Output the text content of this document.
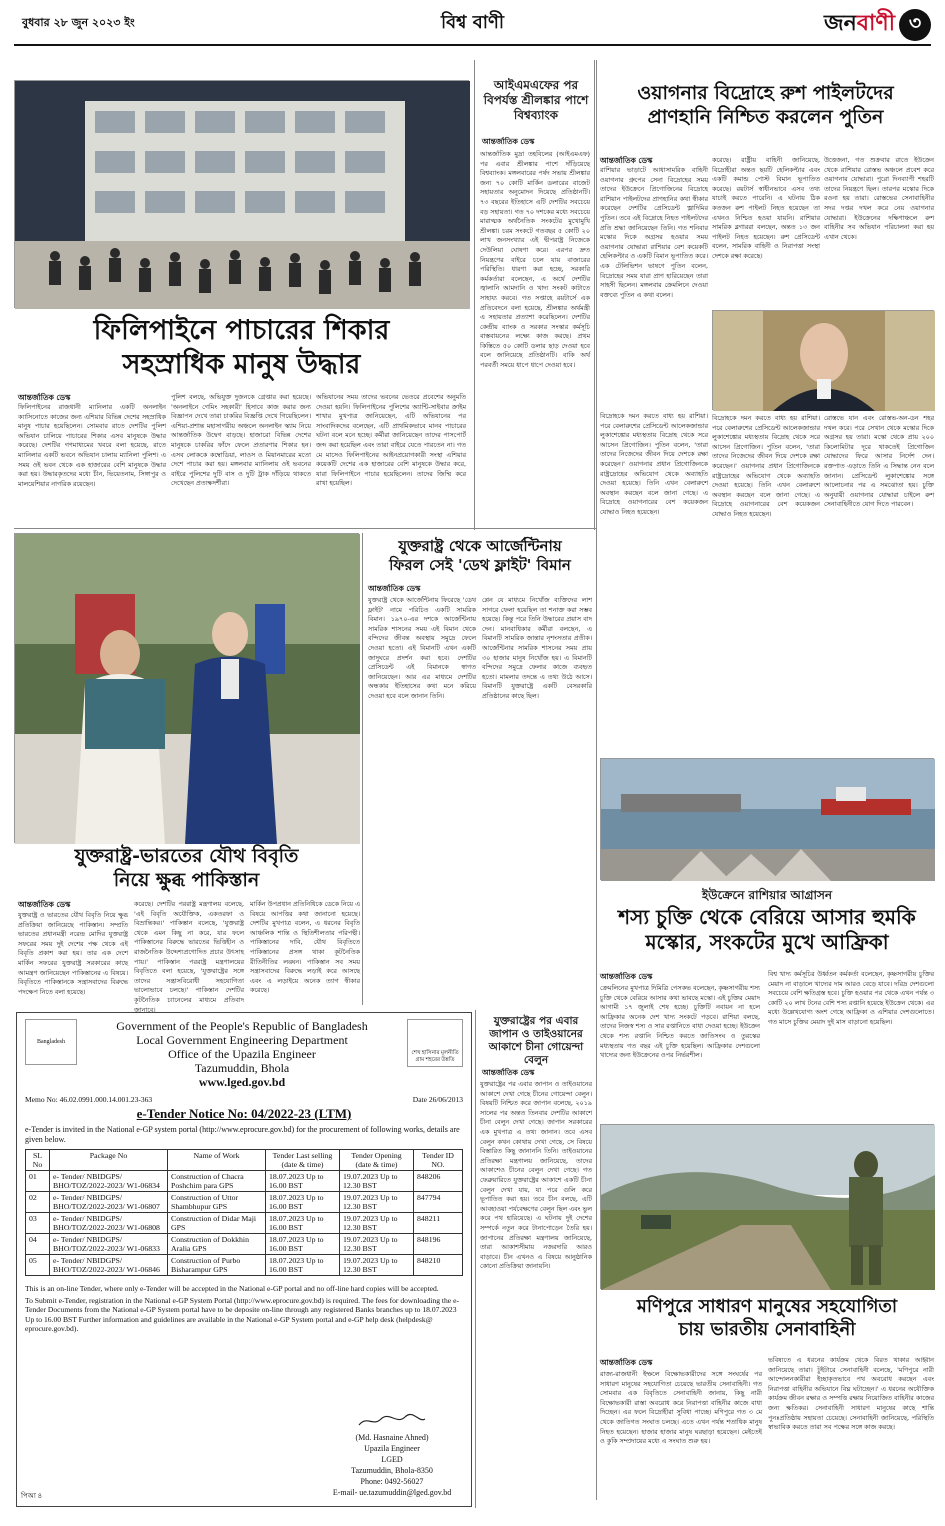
বিশ্ব বাণী
বুধবার ২৮ জুন ২০২৩ ইং	জনবাণী ৩
ফিলিপাইনে পাচারের শিকার
সহস্রাধিক মানুষ উদ্ধার
আন্তর্জাতিক ডেস্ক
ফিলিপাইনের রাজধানী ম্যানিলার একটি অনলাইন ক্যাসিনোতে কাজের জন্য এশিয়ার বিভিন্ন দেশের সহস্রাধিক মানুষ পাচার হয়েছিলেন। সোমবার রাতে দেশটির পুলিশ অভিযান চালিয়ে পাচারের শিকার এসব মানুষকে উদ্ধার করেছে। দেশটির গণমাধ্যমের খবরে বলা হয়েছে, রাতে ম্যানিলার একটি ভবনে অভিযান চালায় ম্যানিলা পুলিশ। এ সময় ওই ভবন থেকে এক হাজারের বেশি মানুষকে উদ্ধার করা হয়। উদ্ধারকৃতদের মধ্যে চীন, ভিয়েতনাম, সিঙ্গাপুর ও মালয়েশিয়ার নাগরিক রয়েছেন।
পুলিশ বলছে, অভিযুক্ত দুজনকে গ্রেপ্তার করা হয়েছে। 'অনলাইনে গেমিং সহকারী' হিসাবে কাজ করার জন্য বিজ্ঞাপন দেখে তারা চাকরির বিজ্ঞপ্তি দেখে গিয়েছিলেন। এশিয়া-প্রশান্ত মহাসাগরীয় অঞ্চলে অনলাইন স্ক্যাম নিয়ে আন্তর্জাতিক উদ্বেগ বাড়ছে। হাজারো বিভিন্ন দেশের মানুষকে চাকরির ফাঁদে ফেলে প্রতারণার শিকার হন। এসব লোককে কম্বোডিয়া, লাওস ও মিয়ানমারের মতো দেশে পাচার করা হয়। মঙ্গলবার ম্যানিলায় ওই ভবনের বাইরে পুলিশের দুটি বাস ও দুটি ট্রাক দাঁড়িয়ে থাকতে দেখেছেন প্রত্যক্ষদর্শীরা।
অভিযানের সময় তাদের ভবনের ভেতরে প্রবেশের অনুমতি দেওয়া হয়নি। ফিলিপাইনের পুলিশের অ্যান্টি-সাইবার ক্রাইম শাখার মুখপাত্র জানিয়েছেন, এটি অভিযানের পর সাংবাদিকদের বলেছেন, এটি প্রাথমিকভাবে মানব পাচারের ঘটনা বলে মনে হচ্ছে। কর্মীরা জানিয়েছেন তাদের পাসপোর্ট জব্দ করা হয়েছিল এবং তারা বাইরে যেতে পারতেন না। গত মে মাসেও ফিলিপাইনের আইনপ্রয়োগকারী সংস্থা এশিয়ার কয়েকটি দেশের এক হাজারের বেশি মানুষকে উদ্ধার করে, যারা ফিলিপাইনে পাচার হয়েছিলেন। তাদের জিম্মি করে রাখা হয়েছিল।
আইএমএফের পর বিপর্যস্ত শ্রীলঙ্কার পাশে বিশ্বব্যাংক
আন্তর্জাতিক ডেস্ক
আন্তর্জাতিক মুদ্রা তহবিলের (আইএমএফ) পর এবার শ্রীলঙ্কার পাশে দাঁড়িয়েছে বিশ্বব্যাংক। মঙ্গলবারের পর্ষদ সভায় শ্রীলঙ্কার জন্য ৭০ কোটি মার্কিন ডলারের বাজেট সহায়তার অনুমোদন দিয়েছে প্রতিষ্ঠানটি। ৭৩ বছরের ইতিহাসে এটি দেশটির সবচেয়ে বড় সহায়তা। গত ৭০ দশকের মধ্যে সবচেয়ে মারাত্মক অর্থনৈতিক সংকটের মুখোমুখি শ্রীলঙ্কা। চরম সংকটে গতবছর ৫ কোটি ২০ লাখ জনসংখ্যার এই দ্বীপরাষ্ট্র নিজেকে দেউলিয়া ঘোষণা করে। এরপর দ্রুত নিয়ন্ত্রণের বাইরে চলে যায় বাজারের পরিস্থিতি। ধারণা করা হচ্ছে, সরকারি কর্মকর্তারা বলেছেন, এ অর্থে দেশটির জ্বালানি আমদানি ও খাদ্য সংকট কাটাতে সাহায্য করবে। গত সপ্তাহে রয়টার্সে এক প্রতিবেদনে বলা হয়েছে, শ্রীলঙ্কার অর্থমন্ত্রী এ সহায়তার প্রত্যাশা করেছিলেন। দেশটির কেন্দ্রীয় ব্যাংক ও সরকার সংস্কার কর্মসূচি বাস্তবায়নের লক্ষ্যে কাজ করছে। প্রথম কিস্তিতে ৫০ কোটি ডলার ছাড় দেওয়া হবে বলে জানিয়েছে প্রতিষ্ঠানটি। বাকি অর্থ পরবর্তী সময়ে ধাপে ধাপে দেওয়া হবে।
ওয়াগনার বিদ্রোহে রুশ পাইলটদের
প্রাণহানি নিশ্চিত করলেন পুতিন
আন্তর্জাতিক ডেস্ক
রাশিয়ার ভাড়াটে আধাসামরিক বাহিনী ওয়াগনার গ্রুপের সেনা বিদ্রোহের সময় তাদের ইউক্রেনে প্রিগোজিনের বিদ্রোহে রাশিয়ান পাইলটদের প্রাণহানির কথা স্বীকার করেছেন দেশটির প্রেসিডেন্ট ভ্লাদিমির পুতিন। তবে এই বিদ্রোহে নিহত পাইলটদের প্রতি শ্রদ্ধা জানিয়েছেন তিনি। গত শনিবার মস্কোর দিকে অগ্রসর হওয়ার সময় ওয়াগনার যোদ্ধারা রাশিয়ার বেশ কয়েকটি হেলিকপ্টার ও একটি বিমান ভূপাতিত করে। এক টেলিভিশন ভাষণে পুতিন বলেন, বিদ্রোহের সময় যারা প্রাণ হারিয়েছেন তারা সাহসী ছিলেন। মঙ্গলবার ক্রেমলিনে দেওয়া বক্তব্যে পুতিন এ কথা বলেন।
করেছে। রাষ্ট্রীয় বাহিনী জানিয়েছে, বিদ্রোহীরা অন্তত ছয়টি হেলিকপ্টার এবং একটি কমান্ড পোস্ট বিমান ভূপাতিত করেছে। রয়টার্স স্বাধীনভাবে এসব তথ্য যাচাই করতে পারেনি। এ ঘটনায় ঠিক কতজন রুশ পাইলট নিহত হয়েছেন তা এখনও নিশ্চিত হওয়া যায়নি। রাশিয়ার সামরিক ব্লগাররা বলছেন, অন্তত ১৩ জন পাইলট নিহত হয়েছেন। রুশ প্রেসিডেন্ট বলেন, সামরিক বাহিনী ও নিরাপত্তা সংস্থা দেশকে রক্ষা করেছে।
উত্তেজনা, গত শুক্রবার রাতে ইউক্রেন থেকে রাশিয়ার রোস্তভ অঞ্চলে প্রবেশ করে ওয়াগনার যোদ্ধারা। পুরো দিনব্যাপী শহরটি তাদের নিয়ন্ত্রণে ছিল। তারপর মস্কোর দিকে রওনা হয় তারা। রোস্তভের সেনাবাহিনীর সদর দপ্তর দখল করে নেয় ওয়াগনার যোদ্ধারা। ইউক্রেনের দক্ষিণাঞ্চলে রুশ বাহিনীর সব অভিযান পরিচালনা করা হয় এখান থেকে।
বিদ্রোহকে দমন করতে বাধ্য হয় রাশিয়া। পরে বেলারুশের প্রেসিডেন্ট আলেকজান্ডার লুকাশেঙ্কোর মধ্যস্থতায় বিদ্রোহ থেকে সরে আসেন প্রিগোজিন। পুতিন বলেন, 'তারা তাদের নিজেদের জীবন দিয়ে দেশকে রক্ষা করেছেন।' ওয়াগনার প্রধান প্রিগোজিনকে রাষ্ট্রদ্রোহের অভিযোগ থেকে অব্যাহতি দেওয়া হয়েছে। তিনি এখন বেলারুশে অবস্থান করছেন বলে জানা গেছে। এ বিদ্রোহে ওয়াগনারের বেশ কয়েকজন যোদ্ধাও নিহত হয়েছেন।
বিদ্রোহকে দমন করতে বাধ্য হয় রাশিয়া। পরে বেলারুশের প্রেসিডেন্ট আলেকজান্ডার লুকাশেঙ্কোর মধ্যস্থতায় বিদ্রোহ থেকে সরে আসেন প্রিগোজিন। পুতিন বলেন, 'তারা তাদের নিজেদের জীবন দিয়ে দেশকে রক্ষা করেছেন।' ওয়াগনার প্রধান প্রিগোজিনকে রাষ্ট্রদ্রোহের অভিযোগ থেকে অব্যাহতি দেওয়া হয়েছে। তিনি এখন বেলারুশে অবস্থান করছেন বলে জানা গেছে। এ বিদ্রোহে ওয়াগনারের বেশ কয়েকজন যোদ্ধাও নিহত হয়েছেন।
রোস্তভে যান এবং রোস্তভ-অন-ডন শহর দখল করে। পরে সেখান থেকে মস্কোর দিকে অগ্রসর হয় তারা। মস্কো থেকে প্রায় ২০০ কিলোমিটার দূরে থাকতেই প্রিগোজিন যোদ্ধাদের ফিরে আসার নির্দেশ দেন। রক্তপাত এড়াতে তিনি এ সিদ্ধান্ত নেন বলে জানান। প্রেসিডেন্ট লুকাশেঙ্কোর সঙ্গে আলোচনার পর এ সমঝোতা হয়। চুক্তি অনুযায়ী ওয়াগনার যোদ্ধারা চাইলে রুশ সেনাবাহিনীতে যোগ দিতে পারবেন।
যুক্তরাষ্ট্র থেকে আর্জেন্টিনায়
ফিরল সেই 'ডেথ ফ্লাইট' বিমান
আন্তর্জাতিক ডেস্ক
যুক্তরাষ্ট্র থেকে আর্জেন্টিনায় ফিরেছে 'ডেথ ফ্লাইট' নামে পরিচিত একটি সামরিক বিমান। ১৯৭০-এর দশকে আর্জেন্টিনায় সামরিক শাসনের সময় এই বিমান থেকে বন্দিদের জীবন্ত অবস্থায় সমুদ্রে ফেলে দেওয়া হতো। এই বিমানটি এখন একটি জাদুঘরে প্রদর্শন করা হবে। দেশটির প্রেসিডেন্ট এই বিমানকে স্বাগত জানিয়েছেন। আর এর মাধ্যমে দেশটির অন্ধকার ইতিহাসের কথা মনে করিয়ে দেওয়া হবে বলে জানান তিনি।
প্লেন যে মাধ্যমে নিখোঁজ ব্যক্তিদের লাশ সাগরে ফেলা হয়েছিল তা শনাক্ত করা সম্ভব হয়েছে। কিন্তু পরে তিনি উদ্ধারের প্রয়াস বাদ দেন। মানবাধিকার কর্মীরা বলছেন, এ বিমানটি সামরিক জান্তার নৃশংসতার প্রতীক। আর্জেন্টিনার সামরিক শাসনের সময় প্রায় ৩০ হাজার মানুষ নিখোঁজ হয়। এ বিমানটি বন্দিদের সমুদ্রে ফেলার কাজে ব্যবহৃত হতো। মামলার তদন্তে এ তথ্য উঠে আসে। বিমানটি যুক্তরাষ্ট্রে একটি বেসরকারি প্রতিষ্ঠানের কাছে ছিল।
যুক্তরাষ্ট্র-ভারতের যৌথ বিবৃতি
নিয়ে ক্ষুব্ধ পাকিস্তান
আন্তর্জাতিক ডেস্ক
যুক্তরাষ্ট্র ও ভারতের যৌথ বিবৃতি নিয়ে ক্ষুব্ধ প্রতিক্রিয়া জানিয়েছে পাকিস্তান। সম্প্রতি ভারতের প্রধানমন্ত্রী নরেন্দ্র মোদির যুক্তরাষ্ট্র সফরের সময় দুই দেশের পক্ষ থেকে এই বিবৃতি প্রকাশ করা হয়। তার এক দেশে মার্কিন সফরের যুক্তরাষ্ট্র সরকারের কাছে আমন্ত্রণ জানিয়েছেন পাকিস্তানের এ বিষয়ে। বিবৃতিতে পাকিস্তানকে সন্ত্রাসবাদের বিরুদ্ধে পদক্ষেপ নিতে বলা হয়েছে।
করেছে। দেশটির পররাষ্ট্র মন্ত্রণালয় বলেছে, 'এই বিবৃতি অযৌক্তিক, একতরফা ও বিভ্রান্তিকর।' পাকিস্তান বলেছে, 'যুক্তরাষ্ট্র থেকে এমন কিছু না করে, যার ফলে পাকিস্তানের বিরুদ্ধে ভারতের ভিত্তিহীন ও রাজনৈতিক উদ্দেশ্যপ্রণোদিত প্রচার উৎসাহ পায়।' পাকিস্তান পররাষ্ট্র মন্ত্রণালয়ের বিবৃতিতে বলা হয়েছে, 'যুক্তরাষ্ট্রের সঙ্গে তাদের সন্ত্রাসবিরোধী সহযোগিতা ভালোভাবে চলছে।' পাকিস্তান দেশটির কূটনৈতিক চ্যানেলের মাধ্যমে প্রতিবাদ জানাবে।
মার্কিন উপপ্রধান প্রতিনিধিকে ডেকে নিয়ে এ বিষয়ে আপত্তির কথা জানানো হয়েছে। দেশটির মুখপাত্র বলেন, এ ধরনের বিবৃতি আঞ্চলিক শান্তি ও স্থিতিশীলতার পরিপন্থী। পাকিস্তানের দাবি, যৌথ বিবৃতিতে পাকিস্তানের প্রসঙ্গ থাকা কূটনৈতিক রীতিনীতির লঙ্ঘন। পাকিস্তান সব সময় সন্ত্রাসবাদের বিরুদ্ধে লড়াই করে আসছে এবং এ লড়াইয়ে অনেক ত্যাগ স্বীকার করেছে।
ইউক্রেনে রাশিয়ার আগ্রাসন
শস্য চুক্তি থেকে বেরিয়ে আসার হুমকি
মস্কোর, সংকটের মুখে আফ্রিকা
আন্তর্জাতিক ডেস্ক
ক্রেমলিনের মুখপাত্র দিমিত্রি পেসকভ বলেছেন, কৃষ্ণসাগরীয় শস্য চুক্তি থেকে বেরিয়ে আসার কথা ভাবছে মস্কো। এই চুক্তির মেয়াদ আগামী ১৭ জুলাই শেষ হচ্ছে। চুক্তিটি নবায়ন না হলে আফ্রিকার অনেক দেশ খাদ্য সংকটে পড়বে। রাশিয়া বলছে, তাদের নিজস্ব শস্য ও সার রপ্তানিতে বাধা দেওয়া হচ্ছে। ইউক্রেন থেকে শস্য রপ্তানি নিশ্চিত করতে জাতিসংঘ ও তুরস্কের মধ্যস্থতায় গত বছর এই চুক্তি হয়েছিল। আফ্রিকার দেশগুলো খাদ্যের জন্য ইউক্রেনের ওপর নির্ভরশীল।
বিশ্ব খাদ্য কর্মসূচির উর্ধ্বতন কর্মকর্তা বলেছেন, কৃষ্ণসাগরীয় চুক্তির মেয়াদ না বাড়ালে খাদ্যের দাম আরও বেড়ে যাবে। দরিদ্র দেশগুলো সবচেয়ে বেশি ক্ষতিগ্রস্ত হবে। চুক্তি হওয়ার পর থেকে এখন পর্যন্ত ৩ কোটি ২০ লাখ টনের বেশি শস্য রপ্তানি হয়েছে ইউক্রেন থেকে। এর মধ্যে উল্লেখযোগ্য অংশ গেছে আফ্রিকা ও এশিয়ার দেশগুলোতে। গত মাসে চুক্তির মেয়াদ দুই মাস বাড়ানো হয়েছিল।
যুক্তরাষ্ট্রের পর এবার জাপান ও তাইওয়ানের আকাশে চীনা গোয়েন্দা বেলুন
আন্তর্জাতিক ডেস্ক
যুক্তরাষ্ট্রের পর এবার জাপান ও তাইওয়ানের আকাশে দেখা গেছে চীনের গোয়েন্দা বেলুন। বিষয়টি নিশ্চিত করে জাপান বলেছে, ২০১৯ সালের পর অন্তত তিনবার দেশটির আকাশে চীনা বেলুন দেখা গেছে। জাপান সরকারের এক মুখপাত্র এ তথ্য জানান। তবে এসব বেলুন কখন কোথায় দেখা গেছে, সে বিষয়ে বিস্তারিত কিছু জানাননি তিনি। তাইওয়ানের প্রতিরক্ষা মন্ত্রণালয় জানিয়েছে, তাদের আকাশেও চীনের বেলুন দেখা গেছে। গত ফেব্রুয়ারিতে যুক্তরাষ্ট্রের আকাশে একটি চীনা বেলুন দেখা যায়, যা পরে গুলি করে ভূপাতিত করা হয়। তবে চীন বলছে, এটি আবহাওয়া পর্যবেক্ষণের বেলুন ছিল এবং ভুল করে পথ হারিয়েছে। এ ঘটনায় দুই দেশের সম্পর্কে নতুন করে টানাপোড়েন তৈরি হয়। জাপানের প্রতিরক্ষা মন্ত্রণালয় জানিয়েছে, তারা আকাশসীমায় নজরদারি আরও বাড়াবে। চীন এখনও এ বিষয়ে আনুষ্ঠানিক কোনো প্রতিক্রিয়া জানায়নি।
মণিপুরে সাধারণ মানুষের সহযোগিতা
চায় ভারতীয় সেনাবাহিনী
আন্তর্জাতিক ডেস্ক
রাজ্য-রাজধানী ইম্ফলে বিক্ষোভকারীদের সঙ্গে সংঘর্ষের পর সাধারণ মানুষের সহযোগিতা চেয়েছে ভারতীয় সেনাবাহিনী। গত সোমবার এক বিবৃতিতে সেনাবাহিনী জানায়, কিছু নারী বিক্ষোভকারী রাস্তা অবরোধ করে নিরাপত্তা বাহিনীর কাজে বাধা দিচ্ছেন। এর ফলে বিদ্রোহীরা সুবিধা পাচ্ছে। মণিপুরে গত ৩ মে থেকে জাতিগত সংঘাত চলছে। এতে এখন পর্যন্ত শতাধিক মানুষ নিহত হয়েছেন। হাজার হাজার মানুষ ঘরছাড়া হয়েছেন। মেইতেই ও কুকি সম্প্রদায়ের মধ্যে এ সংঘাত শুরু হয়।
ভবিষ্যতে এ ধরনের কার্যক্রম থেকে বিরত থাকার আহ্বান জানিয়েছে তারা। টুইটারে সেনাবাহিনী বলেছে, 'মণিপুরে নারী আন্দোলনকারীরা ইচ্ছাকৃতভাবে পথ অবরোধ করছেন এবং নিরাপত্তা বাহিনীর অভিযানে বিঘ্ন ঘটাচ্ছেন।' এ ধরনের অযৌক্তিক কার্যক্রম জীবন রক্ষার ও সম্পত্তি রক্ষায় নিয়োজিত বাহিনীর কাজের জন্য ক্ষতিকর। সেনাবাহিনী সাধারণ মানুষের কাছে শান্তি পুনঃপ্রতিষ্ঠায় সহায়তা চেয়েছে। সেনাবাহিনী জানিয়েছে, পরিস্থিতি স্বাভাবিক করতে তারা সব পক্ষের সঙ্গে কাজ করছে।
Bangladesh
Government of the People's Republic of Bangladesh
Local Government Engineering Department
Office of the Upazila Engineer
Tazumuddin, Bhola
www.lged.gov.bd
শেখ হাসিনার মূলনীতি গ্রাম শহরের উন্নতি
Memo No: 46.02.0991.000.14.001.23-363	Date 26/06/2013
e-Tender Notice No: 04/2022-23 (LTM)
e-Tender is invited in the National e-GP system portal (http://www.eprocure.gov.bd) for the procurement of following works, details are given below.
SL No	Package No	Name of Work	Tender Last selling (date & time)	Tender Opening (date & time)	Tender ID NO.
01	e- Tender/ NBIDGPS/ BHO/TOZ/2022-2023/ W1-06834	Construction of Chacra Poshchim para GPS	18.07.2023 Up to 16.00 BST	19.07.2023 Up to 12.30 BST	848206
02	e- Tender/ NBIDGPS/ BHO/TOZ/2022-2023/ W1-06807	Construction of Uttor Shambhupur GPS	18.07.2023 Up to 16.00 BST	19.07.2023 Up to 12.30 BST	847794
03	e- Tender/ NBIDGPS/ BHO/TOZ/2022-2023/ W1-06808	Construction of Didar Maji GPS	18.07.2023 Up to 16.00 BST	19.07.2023 Up to 12.30 BST	848211
04	e- Tender/ NBIDGPS/ BHO/TOZ/2022-2023/ W1-06833	Construction of Dokkhin Aralia GPS	18.07.2023 Up to 16.00 BST	19.07.2023 Up to 12.30 BST	848196
05	e- Tender/ NBIDGPS/ BHO/TOZ/2022-2023/ W1-06846	Construction of Purbo Bisharampur GPS	18.07.2023 Up to 16.00 BST	19.07.2023 Up to 12.30 BST	848210
This is an on-line Tender, where only e-Tender will be accepted in the National e-GP portal and no off-line hard copies will be accepted.
To Submit e-Tender, registration in the National e-GP System Portal (http://www.eprocure.gov.bd) is required. The fees for downloading the e-Tender Documents from the National e-GP System portal have to be deposite on-line through any registered Banks branches up to 18.07.2023 Up to 16.00 BST Further information and guidelines are available in the National e-GP System portal and e-GP help desk (helpdesk@ eprocure.gov.bd).
(Md. Hasnaine Ahned)
Upazila Engineer
LGED
Tazumuddin, Bhola-8350
Phone: 0492-56027
E-mail- ue.tazumuddin@lged.gov.bd
পিআ ৪
